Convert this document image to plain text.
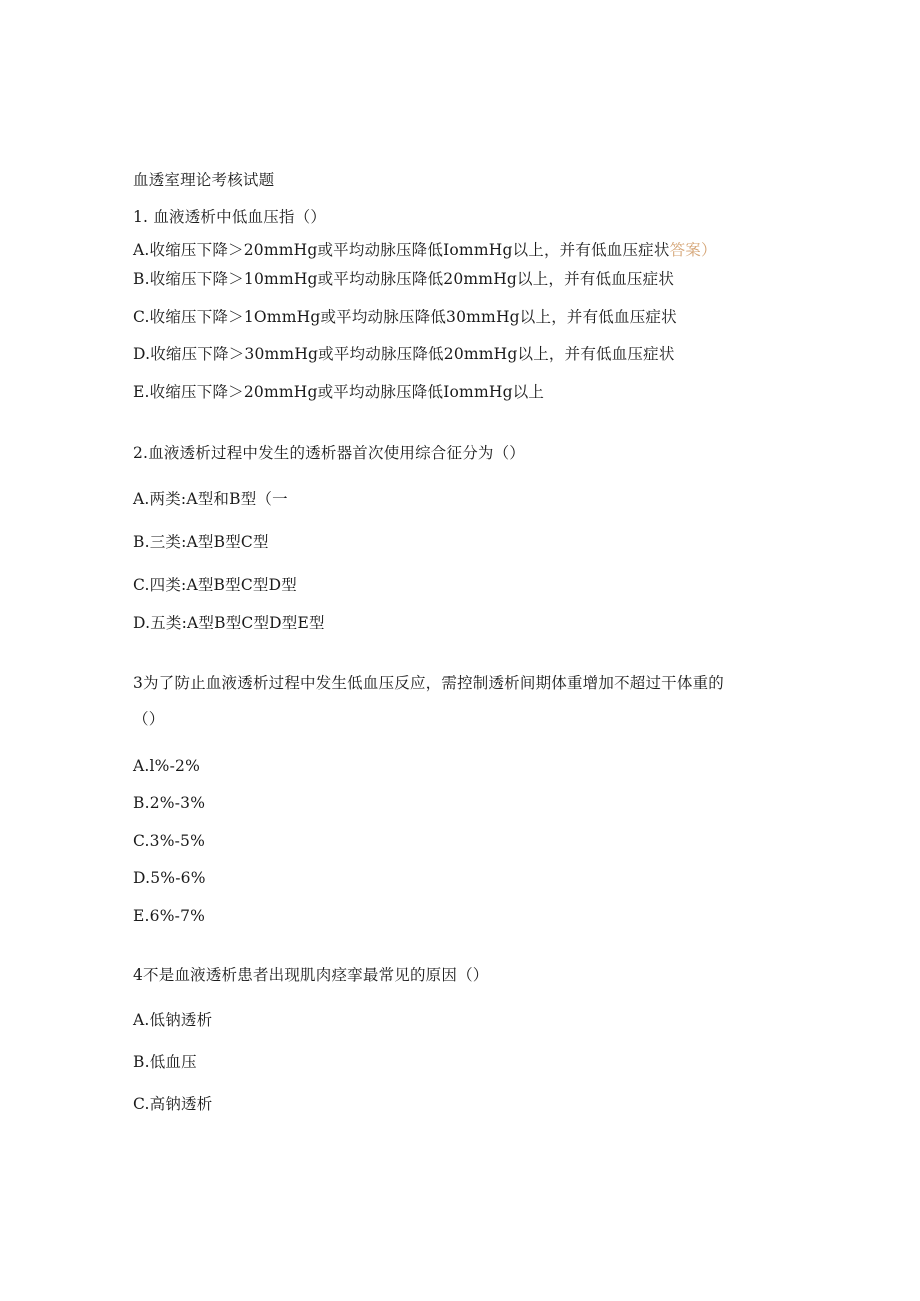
血透室理论考核试题
1. 血液透析中低血压指（）
A.收缩压下降＞20mmHg或平均动脉压降低IommHg以上，并有低血压症状答案）
B.收缩压下降＞10mmHg或平均动脉压降低20mmHg以上，并有低血压症状
C.收缩压下降＞1OmmHg或平均动脉压降低30mmHg以上，并有低血压症状
D.收缩压下降＞30mmHg或平均动脉压降低20mmHg以上，并有低血压症状
E.收缩压下降＞20mmHg或平均动脉压降低IommHg以上
2.血液透析过程中发生的透析器首次使用综合征分为（）
A.两类:A型和B型（一
B.三类:A型B型C型
C.四类:A型B型C型D型
D.五类:A型B型C型D型E型
3为了防止血液透析过程中发生低血压反应，需控制透析间期体重增加不超过干体重的
（）
A.l%-2%
B.2%-3%
C.3%-5%
D.5%-6%
E.6%-7%
4不是血液透析患者出现肌肉痉挛最常见的原因（）
A.低钠透析
B.低血压
C.高钠透析
